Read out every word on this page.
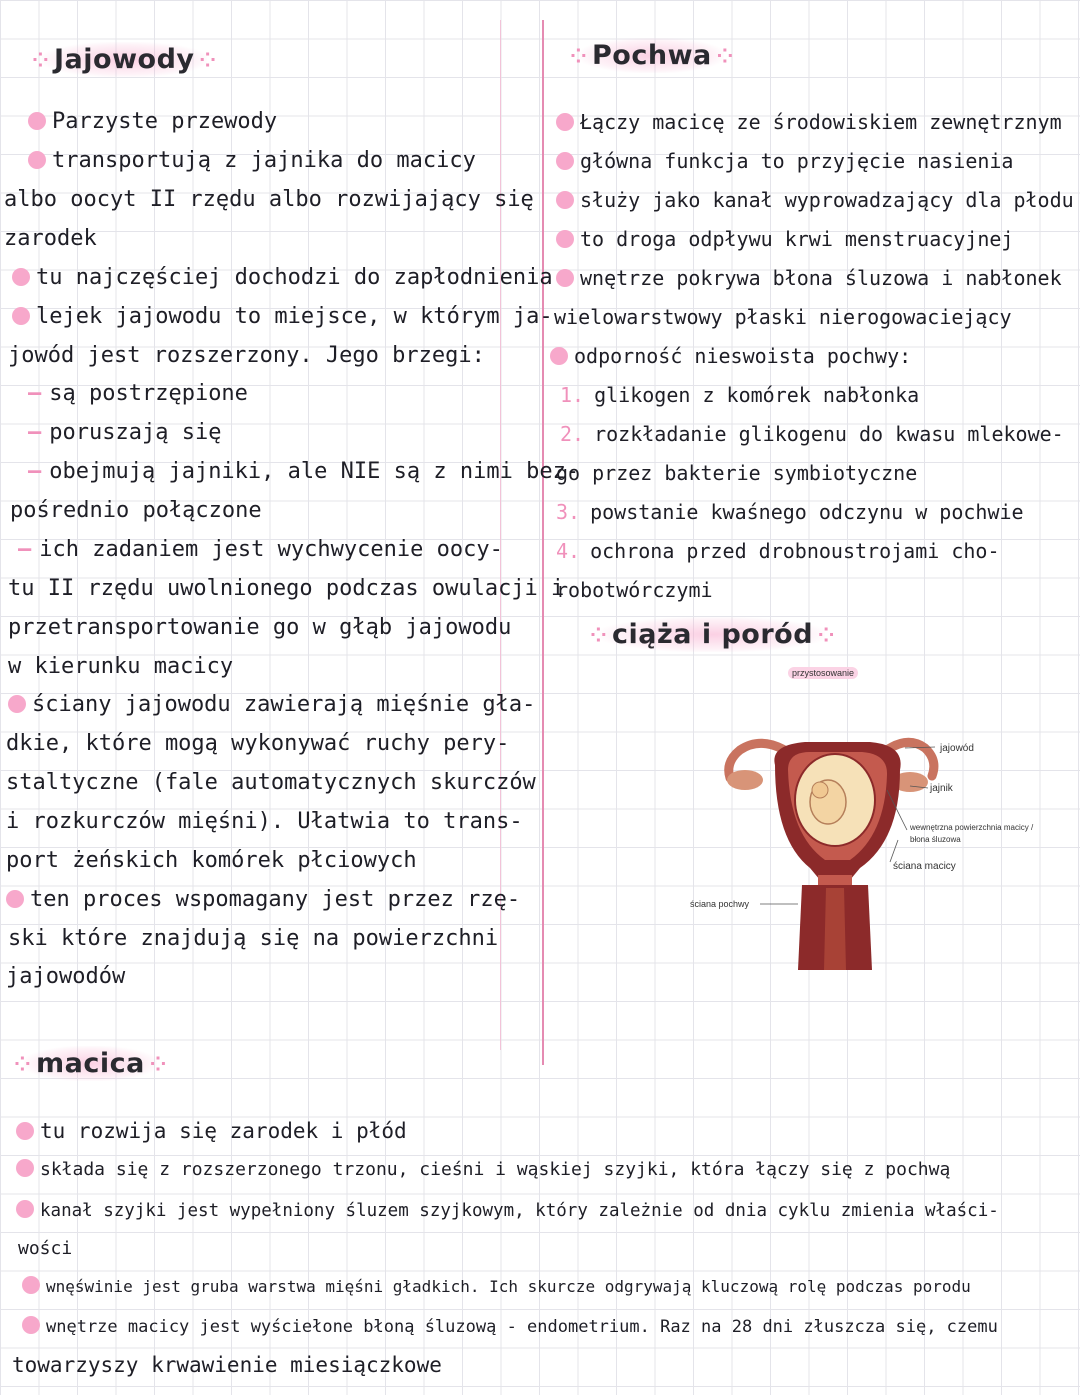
⁘ Jajowody ⁘
Parzyste przewody
transportują z jajnika do macicy
albo oocyt II rzędu albo rozwijający się
zarodek
tu najczęściej dochodzi do zapłodnienia
lejek jajowodu to miejsce, w którym ja-
jowód jest rozszerzony. Jego brzegi:
– są postrzępione
– poruszają się
– obejmują jajniki, ale NIE są z nimi bez-
pośrednio połączone
– ich zadaniem jest wychwycenie oocy-
tu II rzędu uwolnionego podczas owulacji i
przetransportowanie go w głąb jajowodu
w kierunku macicy
ściany jajowodu zawierają mięśnie gła-
dkie, które mogą wykonywać ruchy pery-
staltyczne (fale automatycznych skurczów
i rozkurczów mięśni). Ułatwia to trans-
port żeńskich komórek płciowych
ten proces wspomagany jest przez rzę-
ski które znajdują się na powierzchni
jajowodów
⁘ Pochwa ⁘
Łączy macicę ze środowiskiem zewnętrznym
główna funkcja to przyjęcie nasienia
służy jako kanał wyprowadzający dla płodu
to droga odpływu krwi menstruacyjnej
wnętrze pokrywa błona śluzowa i nabłonek
wielowarstwowy płaski nierogowaciejący
odporność nieswoista pochwy:
1. glikogen z komórek nabłonka
2. rozkładanie glikogenu do kwasu mlekowe-
go przez bakterie symbiotyczne
3. powstanie kwaśnego odczynu w pochwie
4. ochrona przed drobnoustrojami cho-
robotwórczymi
⁘ ciąża i poród ⁘
przystosowanie
jajowód
jajnik
wewnętrzna powierzchnia macicy /
błona śluzowa
ściana macicy
ściana pochwy
⁘ macica ⁘
tu rozwija się zarodek i płód
składa się z rozszerzonego trzonu, cieśni i wąskiej szyjki, która łączy się z pochwą
kanał szyjki jest wypełniony śluzem szyjkowym, który zależnie od dnia cyklu zmienia właści-
wości
wnęświnie jest gruba warstwa mięśni gładkich. Ich skurcze odgrywają kluczową rolę podczas porodu
wnętrze macicy jest wyściełone błoną śluzową - endometrium. Raz na 28 dni złuszcza się, czemu
towarzyszy krwawienie miesiączkowe
